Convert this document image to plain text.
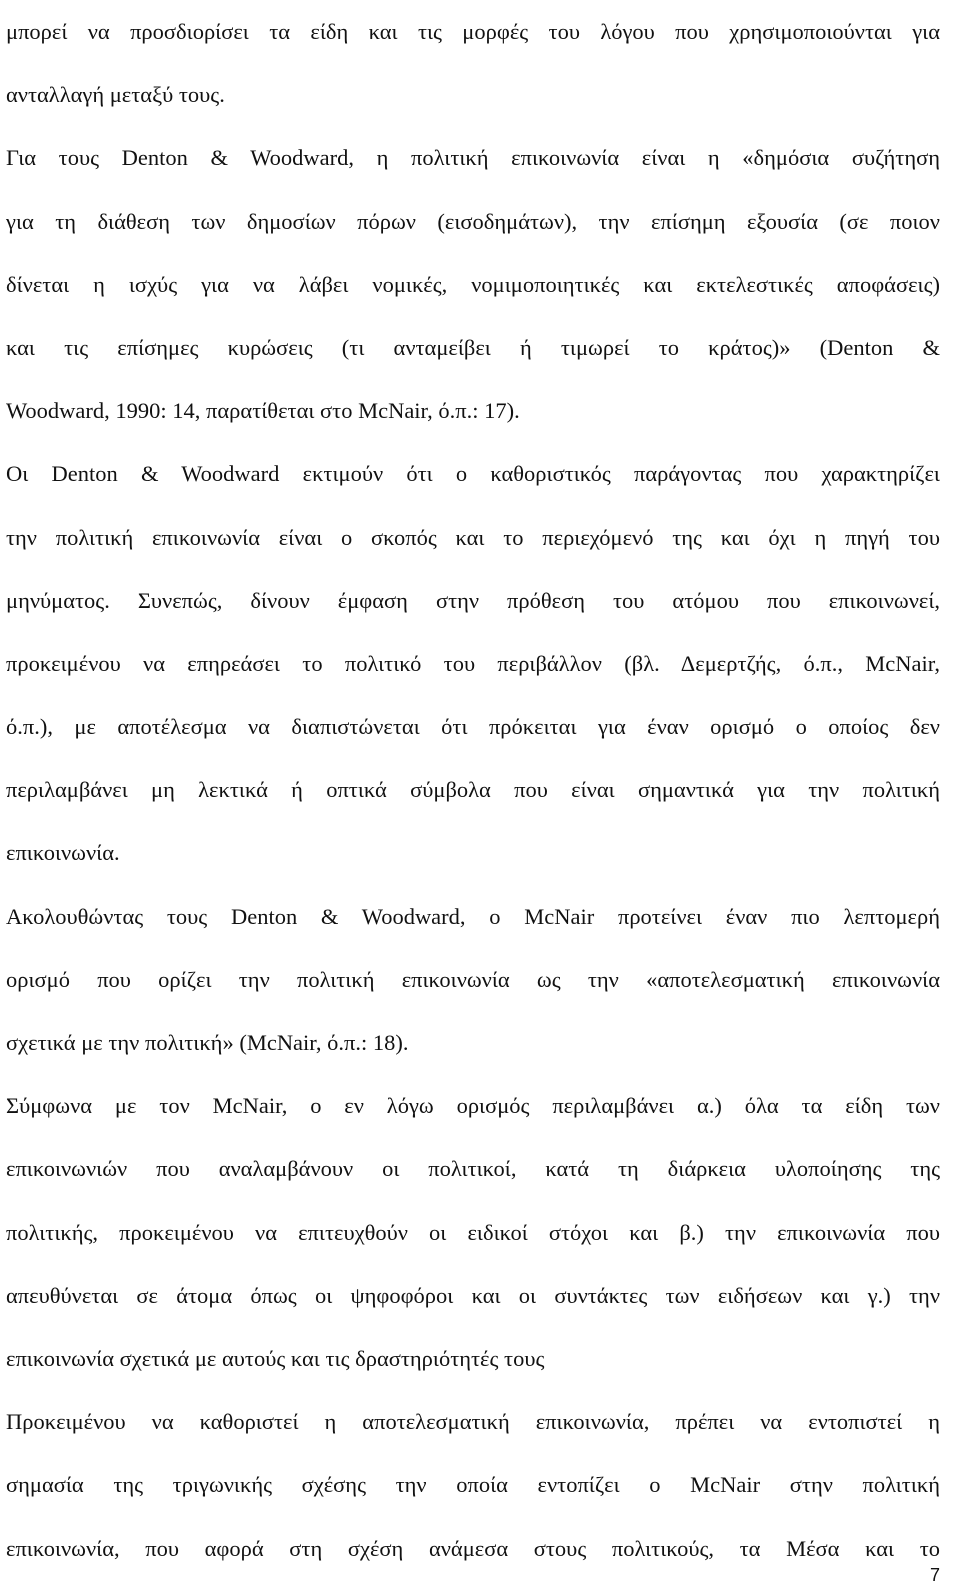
μπορεί να προσδιορίσει τα είδη και τις μορφές του λόγου που χρησιμοποιούνται για
ανταλλαγή μεταξύ τους.
Για τους Denton & Woodward, η πολιτική επικοινωνία είναι η «δημόσια συζήτηση
για τη διάθεση των δημοσίων πόρων (εισοδημάτων), την επίσημη εξουσία (σε ποιον
δίνεται η ισχύς για να λάβει νομικές, νομιμοποιητικές και εκτελεστικές αποφάσεις)
και τις επίσημες κυρώσεις (τι ανταμείβει ή τιμωρεί το κράτος)» (Denton &
Woodward, 1990: 14, παρατίθεται στο McNair, ό.π.: 17).
Οι Denton & Woodward εκτιμούν ότι ο καθοριστικός παράγοντας που χαρακτηρίζει
την πολιτική επικοινωνία είναι ο σκοπός και το περιεχόμενό της και όχι η πηγή του
μηνύματος. Συνεπώς, δίνουν έμφαση στην πρόθεση του ατόμου που επικοινωνεί,
προκειμένου να επηρεάσει το πολιτικό του περιβάλλον (βλ. Δεμερτζής, ό.π., McNair,
ό.π.), με αποτέλεσμα να διαπιστώνεται ότι πρόκειται για έναν ορισμό ο οποίος δεν
περιλαμβάνει μη λεκτικά ή οπτικά σύμβολα που είναι σημαντικά για την πολιτική
επικοινωνία.
Ακολουθώντας τους Denton & Woodward, ο McNair προτείνει έναν πιο λεπτομερή
ορισμό που ορίζει την πολιτική επικοινωνία ως την «αποτελεσματική επικοινωνία
σχετικά με την πολιτική» (McNair, ό.π.: 18).
Σύμφωνα με τον McNair, ο εν λόγω ορισμός περιλαμβάνει α.) όλα τα είδη των
επικοινωνιών που αναλαμβάνουν οι πολιτικοί, κατά τη διάρκεια υλοποίησης της
πολιτικής, προκειμένου να επιτευχθούν οι ειδικοί στόχοι και β.) την επικοινωνία που
απευθύνεται σε άτομα όπως οι ψηφοφόροι και οι συντάκτες των ειδήσεων και γ.) την
επικοινωνία σχετικά με αυτούς και τις δραστηριότητές τους
Προκειμένου να καθοριστεί η αποτελεσματική επικοινωνία, πρέπει να εντοπιστεί η
σημασία της τριγωνικής σχέσης την οποία εντοπίζει ο McNair στην πολιτική
επικοινωνία, που αφορά στη σχέση ανάμεσα στους πολιτικούς, τα Μέσα και το
7
